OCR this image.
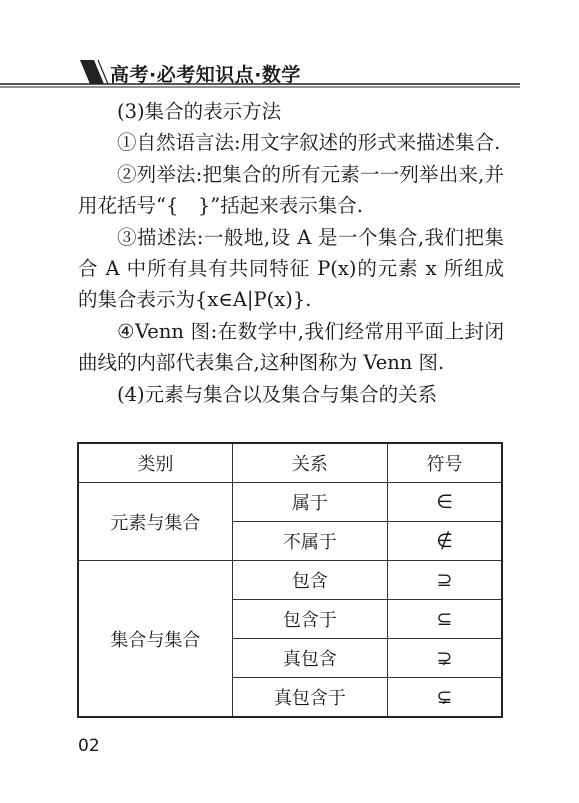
高考·必考知识点·数学

(3)集合的表示方法

①自然语言法:用文字叙述的形式来描述集合.

②列举法:把集合的所有元素一一列举出来,并用花括号“{　}”括起来表示集合.

③描述法:一般地,设 A 是一个集合,我们把集合 A 中所有具有共同特征 P(x)的元素 x 所组成的集合表示为{x∈A|P(x)}.

④Venn 图:在数学中,我们经常用平面上封闭曲线的内部代表集合,这种图称为 Venn 图.

(4)元素与集合以及集合与集合的关系

类别	关系	符号
元素与集合	属于	∈
	不属于	∉
集合与集合	包含	⊇
	包含于	⊆
	真包含	⊋
	真包含于	⊊
02
